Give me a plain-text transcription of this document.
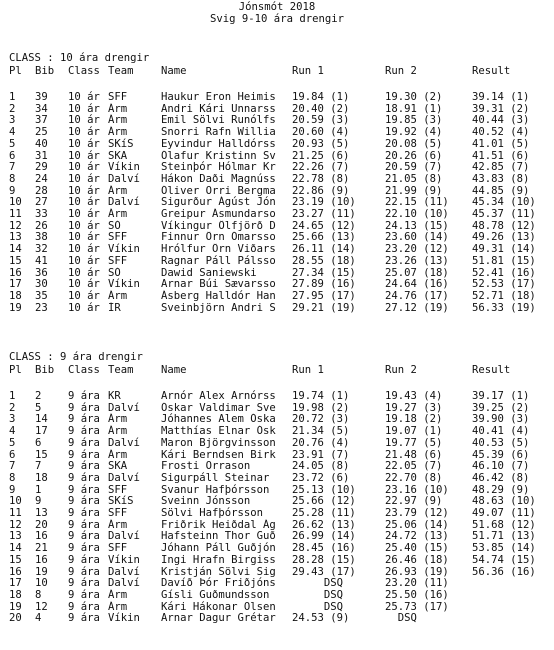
Jónsmót 2018
Svig 9-10 ára drengir
CLASS : 10 ára drengir
Pl	Bib	Class Team	Name	Run 1	Run 2	Result
1	39	10 ár SFF	Haukur Eron Heimis	19.84 (1)	19.30 (2)	39.14 (1)
2	34	10 ár Árm	Andri Kári Unnarss	20.40 (2)	18.91 (1)	39.31 (2)
3	37	10 ár Árm	Emil Sölvi Runólfs	20.59 (3)	19.85 (3)	40.44 (3)
4	25	10 ár Árm	Snorri Rafn Willia	20.60 (4)	19.92 (4)	40.52 (4)
5	40	10 ár SKíS	Eyvindur Halldórss	20.93 (5)	20.08 (5)	41.01 (5)
6	31	10 ár SKA	Ólafur Kristinn Sv	21.25 (6)	20.26 (6)	41.51 (6)
7	29	10 ár Víkin	Steinþór Hólmar Kr	22.26 (7)	20.59 (7)	42.85 (7)
8	24	10 ár Dalví	Hákon Daði Magnúss	22.78 (8)	21.05 (8)	43.83 (8)
9	28	10 ár Árm	Óliver Orri Bergma	22.86 (9)	21.99 (9)	44.85 (9)
10	27	10 ár Dalví	Sigurður Ágúst Jón	23.19 (10)	22.15 (11)	45.34 (10)
11	33	10 ár Árm	Greipur Ásmundarso	23.27 (11)	22.10 (10)	45.37 (11)
12	26	10 ár SÓ	Víkingur Ölfjörð D	24.65 (12)	24.13 (15)	48.78 (12)
13	38	10 ár SFF	Finnur Örn Ómarsso	25.66 (13)	23.60 (14)	49.26 (13)
14	32	10 ár Víkin	Hrólfur Örn Viðars	26.11 (14)	23.20 (12)	49.31 (14)
15	41	10 ár SFF	Ragnar Páll Pálsso	28.55 (18)	23.26 (13)	51.81 (15)
16	36	10 ár SÓ	Dawid Saniewski	27.34 (15)	25.07 (18)	52.41 (16)
17	30	10 ár Víkin	Arnar Búi Sævarsso	27.89 (16)	24.64 (16)	52.53 (17)
18	35	10 ár Árm	Ásberg Halldór Han	27.95 (17)	24.76 (17)	52.71 (18)
19	23	10 ár ÍR	Sveinbjörn Andri S	29.21 (19)	27.12 (19)	56.33 (19)
CLASS : 9 ára drengir
Pl	Bib	Class Team	Name	Run 1	Run 2	Result
1	2	9 ára KR	Arnór Alex Arnórss	19.74 (1)	19.43 (4)	39.17 (1)
2	5	9 ára Dalví	Óskar Valdimar Sve	19.98 (2)	19.27 (3)	39.25 (2)
3	14	9 ára Árm	Jóhannes Alem Óska	20.72 (3)	19.18 (2)	39.90 (3)
4	17	9 ára Árm	Matthías Elnar Ósk	21.34 (5)	19.07 (1)	40.41 (4)
5	6	9 ára Dalví	Maron Björgvinsson	20.76 (4)	19.77 (5)	40.53 (5)
6	15	9 ára Árm	Kári Berndsen Birk	23.91 (7)	21.48 (6)	45.39 (6)
7	7	9 ára SKA	Frosti Orrason	24.05 (8)	22.05 (7)	46.10 (7)
8	18	9 ára Dalví	Sigurpáll Steinar	23.72 (6)	22.70 (8)	46.42 (8)
9	1	9 ára SFF	Svanur Hafþórsson	25.13 (10)	23.16 (10)	48.29 (9)
10	9	9 ára SKíS	Sveinn Jónsson	25.66 (12)	22.97 (9)	48.63 (10)
11	13	9 ára SFF	Sölvi Hafþórsson	25.28 (11)	23.79 (12)	49.07 (11)
12	20	9 ára Árm	Friðrik Heiðdal Ág	26.62 (13)	25.06 (14)	51.68 (12)
13	16	9 ára Dalví	Hafsteinn Thor Guð	26.99 (14)	24.72 (13)	51.71 (13)
14	21	9 ára SFF	Jóhann Páll Guðjón	28.45 (16)	25.40 (15)	53.85 (14)
15	16	9 ára Víkin	Ingi Hrafn Birgiss	28.28 (15)	26.46 (18)	54.74 (15)
16	19	9 ára Dalví	Kristján Sölvi Sig	29.43 (17)	26.93 (19)	56.36 (16)
17	10	9 ára Dalví	Davíð Þór Friðjóns	DSQ	23.20 (11)
18	8	9 ára Árm	Gísli Guðmundsson	DSQ	25.50 (16)
19	12	9 ára Árm	Kári Hákonar Olsen	DSQ	25.73 (17)
20	4	9 ára Víkin	Arnar Dagur Grétar	24.53 (9)	DSQ
